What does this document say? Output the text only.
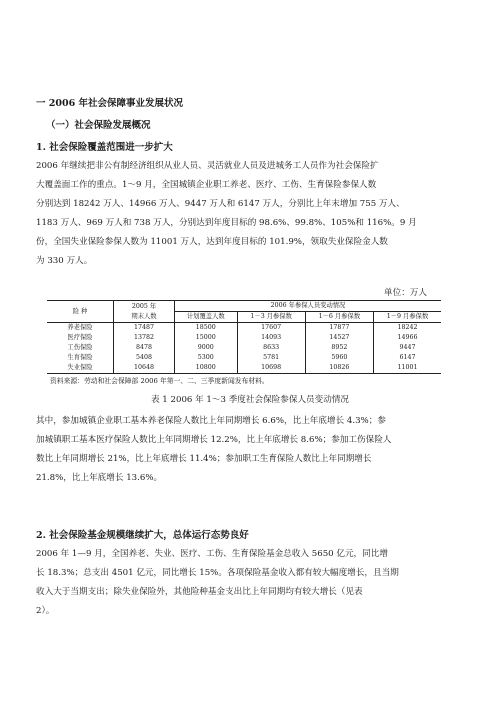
一 2006 年社会保障事业发展状况
（一）社会保险发展概况
1. 社会保险覆盖范围进一步扩大
2006 年继续把非公有制经济组织从业人员、灵活就业人员及进城务工人员作为社会保险扩
大覆盖面工作的重点。1～9 月，全国城镇企业职工养老、医疗、工伤、生育保险参保人数
分别达到 18242 万人、14966 万人、9447 万人和 6147 万人，分别比上年末增加 755 万人、
1183 万人、969 万人和 738 万人，分别达到年度目标的 98.6%、99.8%、105%和 116%。9 月
份，全国失业保险参保人数为 11001 万人，达到年度目标的 101.9%，领取失业保险金人数
为 330 万人。
单位：万人
险 种	2005 年
期末人数	2006 年参保人员变动情况			
		计划覆盖人数	1－3 月参保数	1－6 月参保数	1－9 月参保数
养老保险	17487	18500	17607	17877	18242
医疗保险	13782	15000	14093	14527	14966
工伤保险	8478	9000	8633	8952	9447
生育保险	5408	5300	5781	5960	6147
失业保险	10648	10800	10698	10826	11001
资料来源：劳动和社会保障部 2006 年第一、二、三季度新闻发布材料。
表 1 2006 年 1～3 季度社会保险参保人员变动情况
其中，参加城镇企业职工基本养老保险人数比上年同期增长 6.6%，比上年底增长 4.3%；参
加城镇职工基本医疗保险人数比上年同期增长 12.2%，比上年底增长 8.6%；参加工伤保险人
数比上年同期增长 21%，比上年底增长 11.4%；参加职工生育保险人数比上年同期增长
21.8%，比上年底增长 13.6%。
2. 社会保险基金规模继续扩大，总体运行态势良好
2006 年 1—9 月，全国养老、失业、医疗、工伤、生育保险基金总收入 5650 亿元，同比增
长 18.3%；总支出 4501 亿元，同比增长 15%。各项保险基金收入都有较大幅度增长，且当期
收入大于当期支出；除失业保险外，其他险种基金支出比上年同期均有较大增长（见表
2）。
